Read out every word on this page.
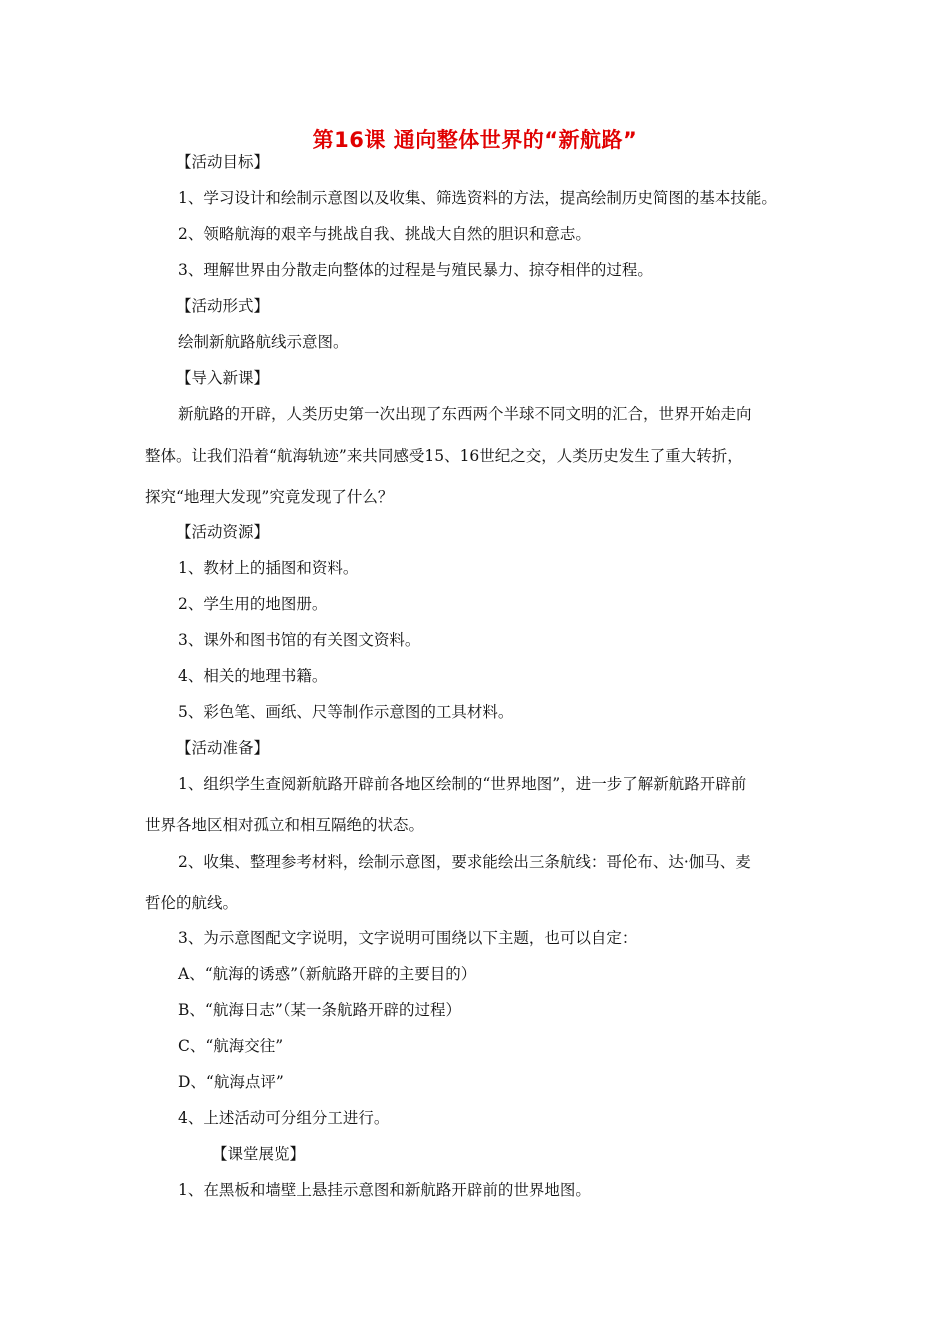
第16课 通向整体世界的“新航路”
【活动目标】
1、学习设计和绘制示意图以及收集、筛选资料的方法，提高绘制历史简图的基本技能。
2、领略航海的艰辛与挑战自我、挑战大自然的胆识和意志。
3、理解世界由分散走向整体的过程是与殖民暴力、掠夺相伴的过程。
【活动形式】
绘制新航路航线示意图。
【导入新课】
新航路的开辟，人类历史第一次出现了东西两个半球不同文明的汇合，世界开始走向
整体。让我们沿着“航海轨迹”来共同感受15、16世纪之交，人类历史发生了重大转折，
探究“地理大发现”究竟发现了什么？
【活动资源】
1、教材上的插图和资料。
2、学生用的地图册。
3、课外和图书馆的有关图文资料。
4、相关的地理书籍。
5、彩色笔、画纸、尺等制作示意图的工具材料。
【活动准备】
1、组织学生查阅新航路开辟前各地区绘制的“世界地图”，进一步了解新航路开辟前
世界各地区相对孤立和相互隔绝的状态。
2、收集、整理参考材料，绘制示意图，要求能绘出三条航线：哥伦布、达·伽马、麦
哲伦的航线。
3、为示意图配文字说明，文字说明可围绕以下主题，也可以自定：
A、“航海的诱惑”（新航路开辟的主要目的）
B、“航海日志”（某一条航路开辟的过程）
C、“航海交往”
D、“航海点评”
4、上述活动可分组分工进行。
【课堂展览】
1、在黑板和墙壁上悬挂示意图和新航路开辟前的世界地图。
